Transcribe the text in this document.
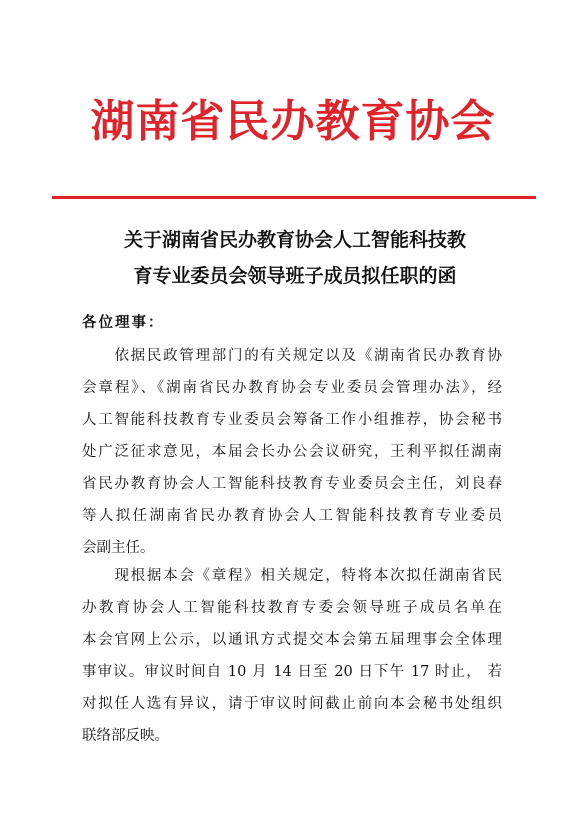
湖南省民办教育协会
关于湖南省民办教育协会人工智能科技教
育专业委员会领导班子成员拟任职的函
各位理事：
　　依据民政管理部门的有关规定以及《湖南省民办教育协
会章程》、《湖南省民办教育协会专业委员会管理办法》，经
人工智能科技教育专业委员会筹备工作小组推荐，协会秘书
处广泛征求意见，本届会长办公会议研究，王利平拟任湖南
省民办教育协会人工智能科技教育专业委员会主任，刘良春
等人拟任湖南省民办教育协会人工智能科技教育专业委员
会副主任。
　　现根据本会《章程》相关规定，特将本次拟任湖南省民
办教育协会人工智能科技教育专委会领导班子成员名单在
本会官网上公示，以通讯方式提交本会第五届理事会全体理
事审议。审议时间自 10 月 14 日至 20 日下午 17 时止， 若
对拟任人选有异议，请于审议时间截止前向本会秘书处组织
联络部反映。
